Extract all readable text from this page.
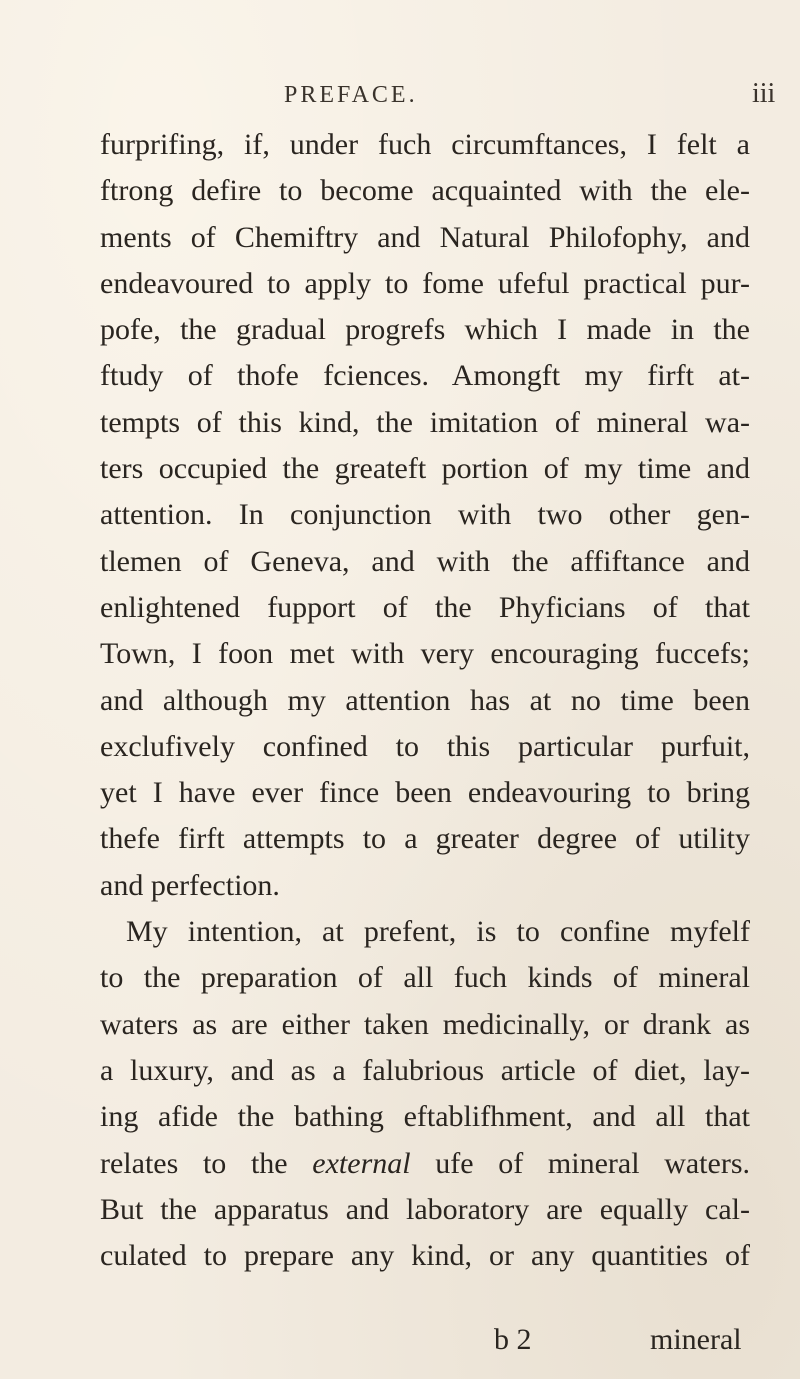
PREFACE.	iii
furprifing, if, under fuch circumftances, I felt a
ftrong defire to become acquainted with the ele-
ments of Chemiftry and Natural Philofophy, and
endeavoured to apply to fome ufeful practical pur-
pofe, the gradual progrefs which I made in the
ftudy of thofe fciences. Amongft my firft at-
tempts of this kind, the imitation of mineral wa-
ters occupied the greateft portion of my time and
attention. In conjunction with two other gen-
tlemen of Geneva, and with the affiftance and
enlightened fupport of the Phyficians of that
Town, I foon met with very encouraging fuccefs;
and although my attention has at no time been
exclufively confined to this particular purfuit,
yet I have ever fince been endeavouring to bring
thefe firft attempts to a greater degree of utility
and perfection.
My intention, at prefent, is to confine myfelf
to the preparation of all fuch kinds of mineral
waters as are either taken medicinally, or drank as
a luxury, and as a falubrious article of diet, lay-
ing afide the bathing eftablifhment, and all that
relates to the external ufe of mineral waters.
But the apparatus and laboratory are equally cal-
culated to prepare any kind, or any quantities of
b 2	mineral
